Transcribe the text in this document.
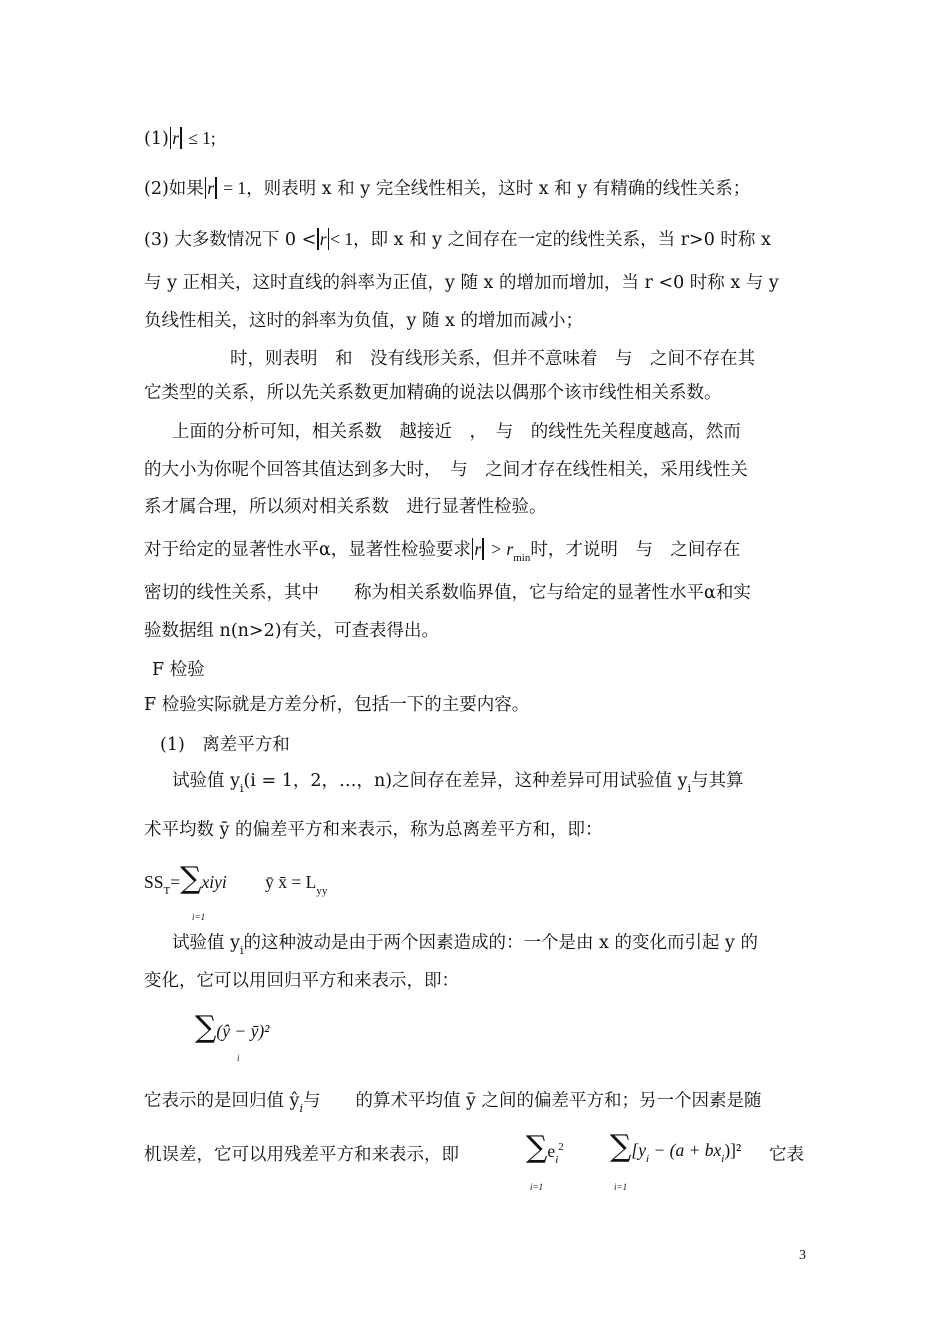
(1) r ≤ 1;
(2)如果 r = 1，则表明 x 和 y 完全线性相关，这时 x 和 y 有精确的线性关系；
(3) 大多数情况下 0 < r < 1，即 x 和 y 之间存在一定的线性关系，当 r>0 时称 x
与 y 正相关，这时直线的斜率为正值，y 随 x 的增加而增加，当 r <0 时称 x 与 y
负线性相关，这时的斜率为负值，y 随 x 的增加而减小；
时，则表明　和　没有线形关系，但并不意味着　与　之间不存在其
它类型的关系，所以先关系数更加精确的说法以偶那个该市线性相关系数。
上面的分析可知，相关系数　越接近　，　与　的线性先关程度越高，然而
的大小为你呢个回答其值达到多大时，　与　之间才存在线性相关，采用线性关
系才属合理，所以须对相关系数　进行显著性检验。
对于给定的显著性水平α，显著性检验要求 $r > r_{min}$时，才说明　与　之间存在
密切的线性关系，其中　　称为相关系数临界值，它与给定的显著性水平α和实
验数据组 n(n>2)有关，可查表得出。
F 检验
F 检验实际就是方差分析，包括一下的主要内容。
(1)　离差平方和
试验值 $y_i(i = 1$，2，…，n)之间存在差异，这种差异可用试验值 $y_i$与其算
术平均数 ȳ 的偏差平方和来表示，称为总离差平方和，即：
$SS_T=\sum xiyi$ ȳ x̄ = $L_{yy}$
i=1
试验值 $y_i$的这种波动是由于两个因素造成的：一个是由 x 的变化而引起 y 的
变化，它可以用回归平方和来表示，即：
∑(ŷ − ȳ)²
i
它表示的是回归值 $ŷ_i$与　　的算术平均值 ȳ 之间的偏差平方和；另一个因素是随
机误差，它可以用残差平方和来表示，即 $\sum e_i^2$
i=1
$\sum[y_i - (a + bx_i)]^2$
i=1
它表
3
